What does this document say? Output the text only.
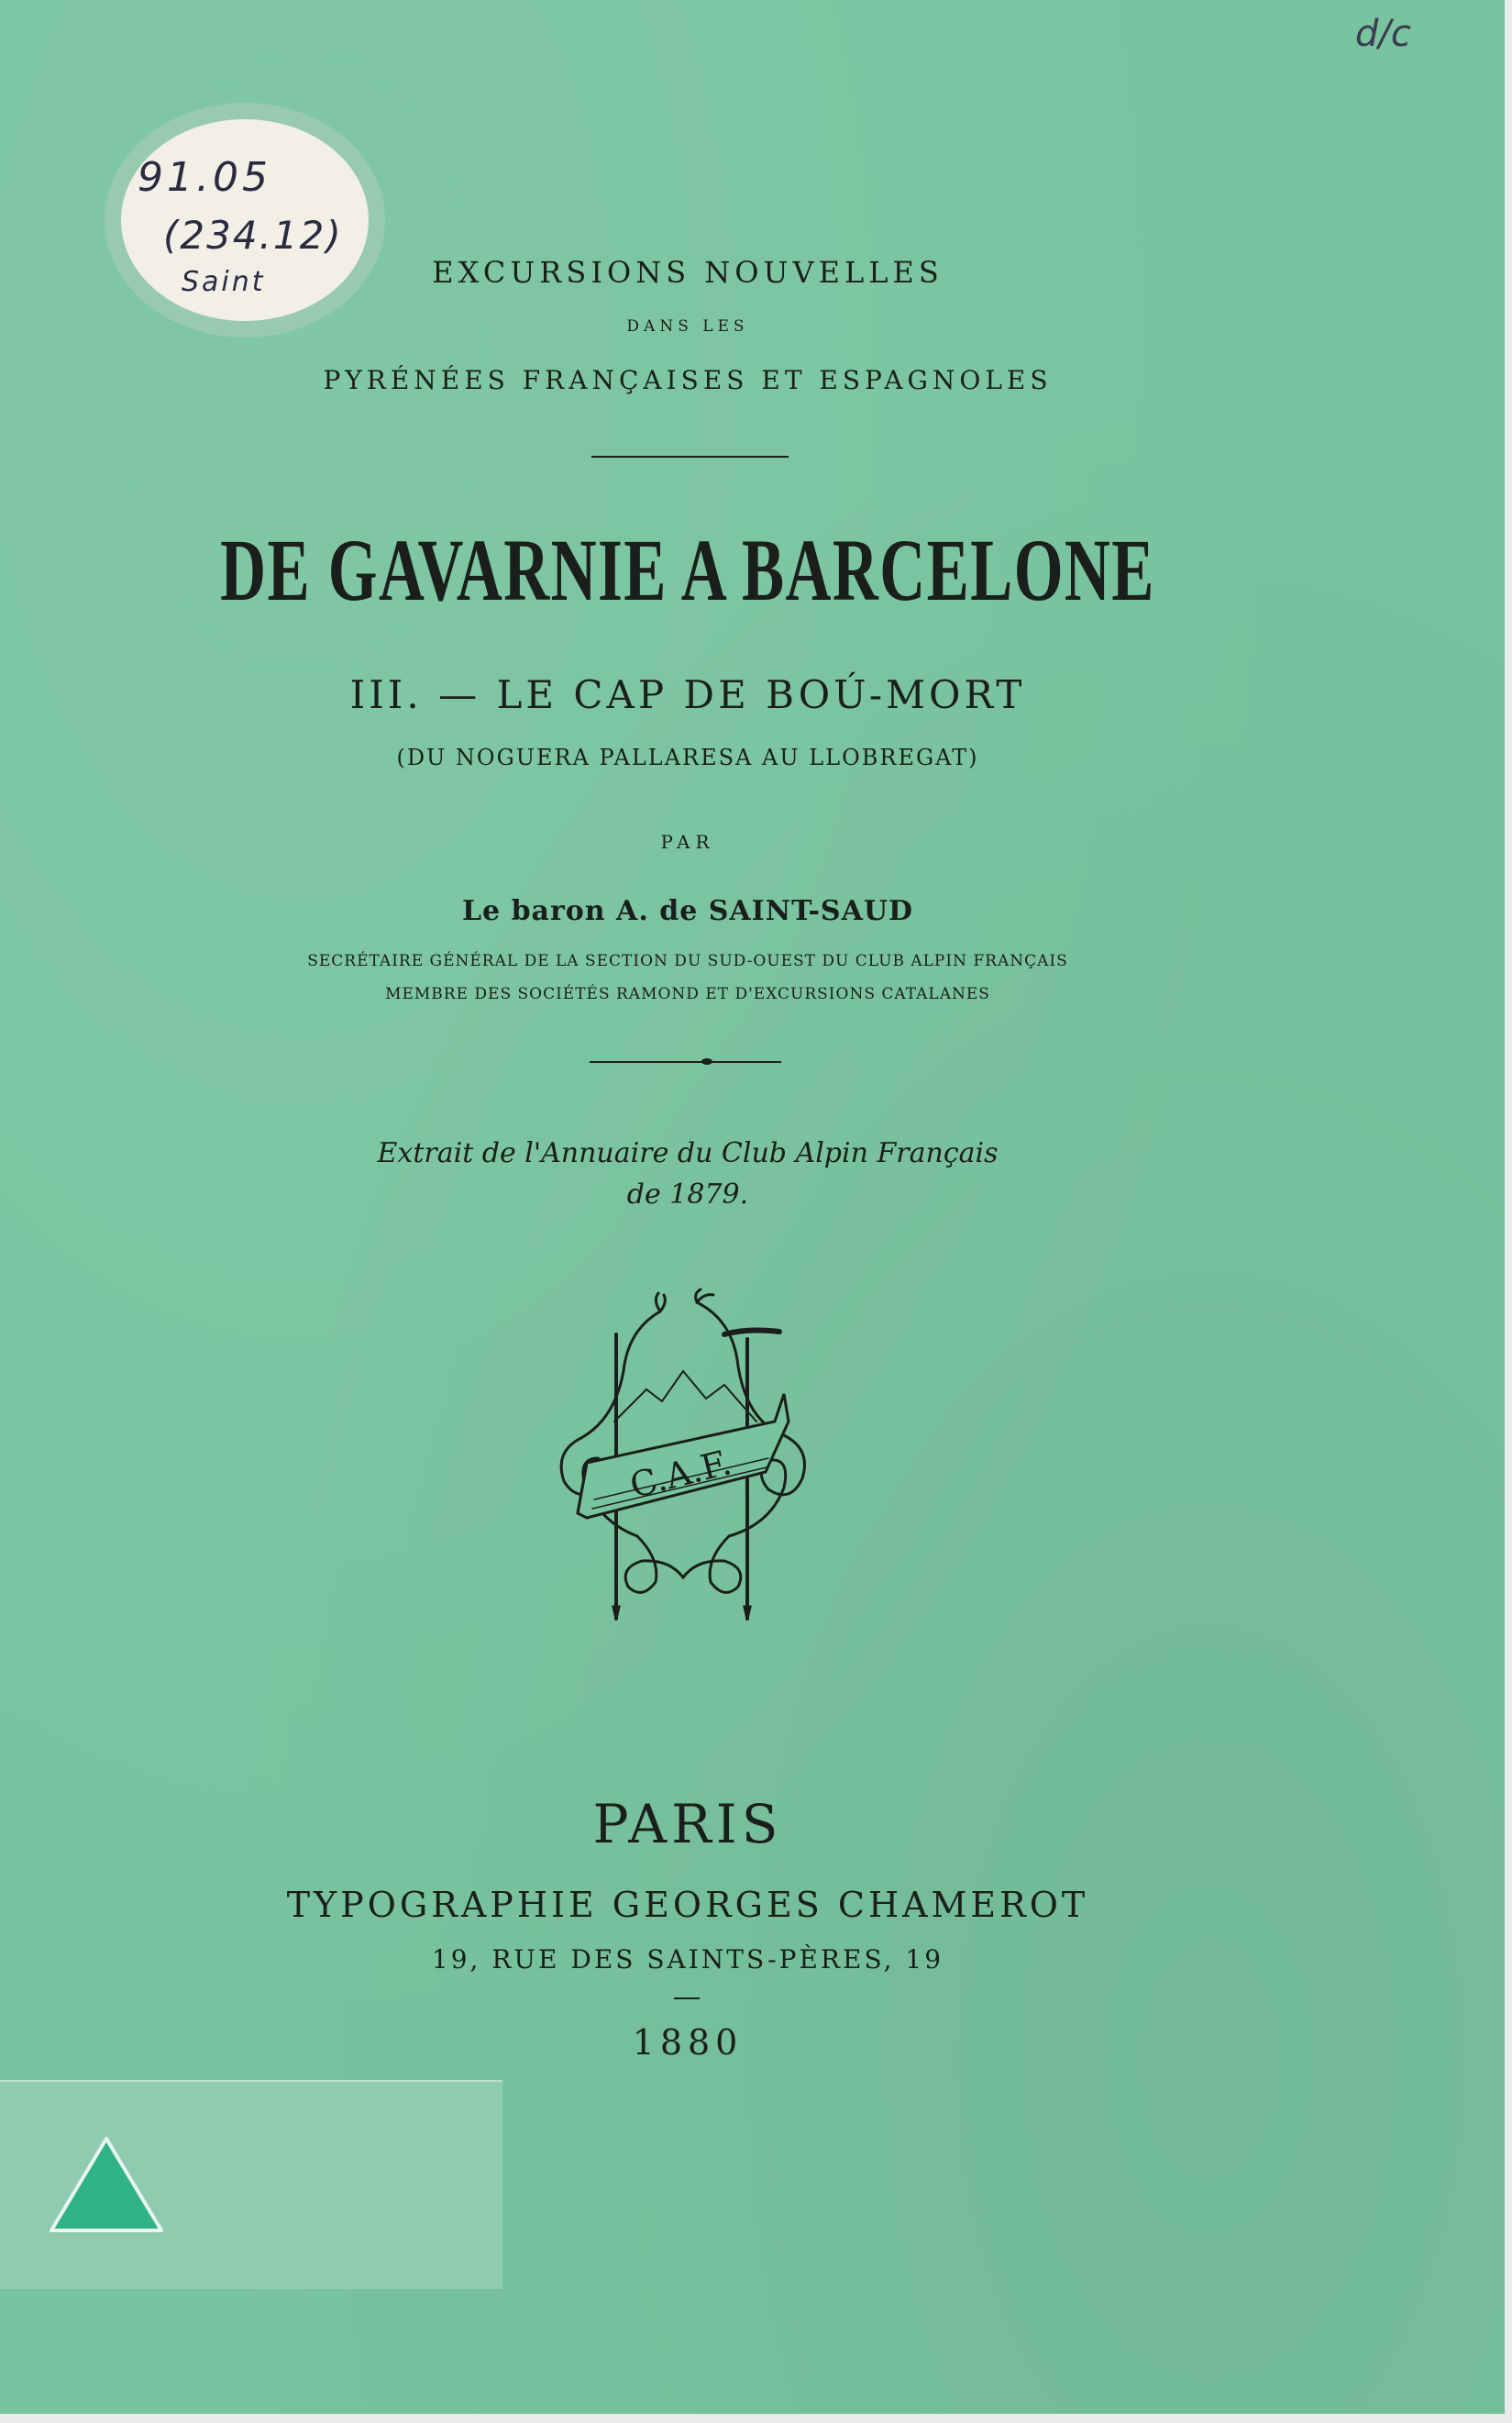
d/c
91.05
(234.12)
Saint	EXCURSIONS NOUVELLES
DANS LES
PYRÉNÉES FRANÇAISES ET ESPAGNOLES
DE GAVARNIE A BARCELONE
III. — LE CAP DE BOÚ-MORT
(DU NOGUERA PALLARESA AU LLOBREGAT)
PAR
Le baron A. de SAINT-SAUD
SECRÉTAIRE GÉNÉRAL DE LA SECTION DU SUD-OUEST DU CLUB ALPIN FRANÇAIS
MEMBRE DES SOCIÉTÉS RAMOND ET D'EXCURSIONS CATALANES
Extrait de l'Annuaire du Club Alpin Français
de 1879.
C.A.F.
PARIS
TYPOGRAPHIE GEORGES CHAMEROT
19, RUE DES SAINTS-PÈRES, 19
1880
